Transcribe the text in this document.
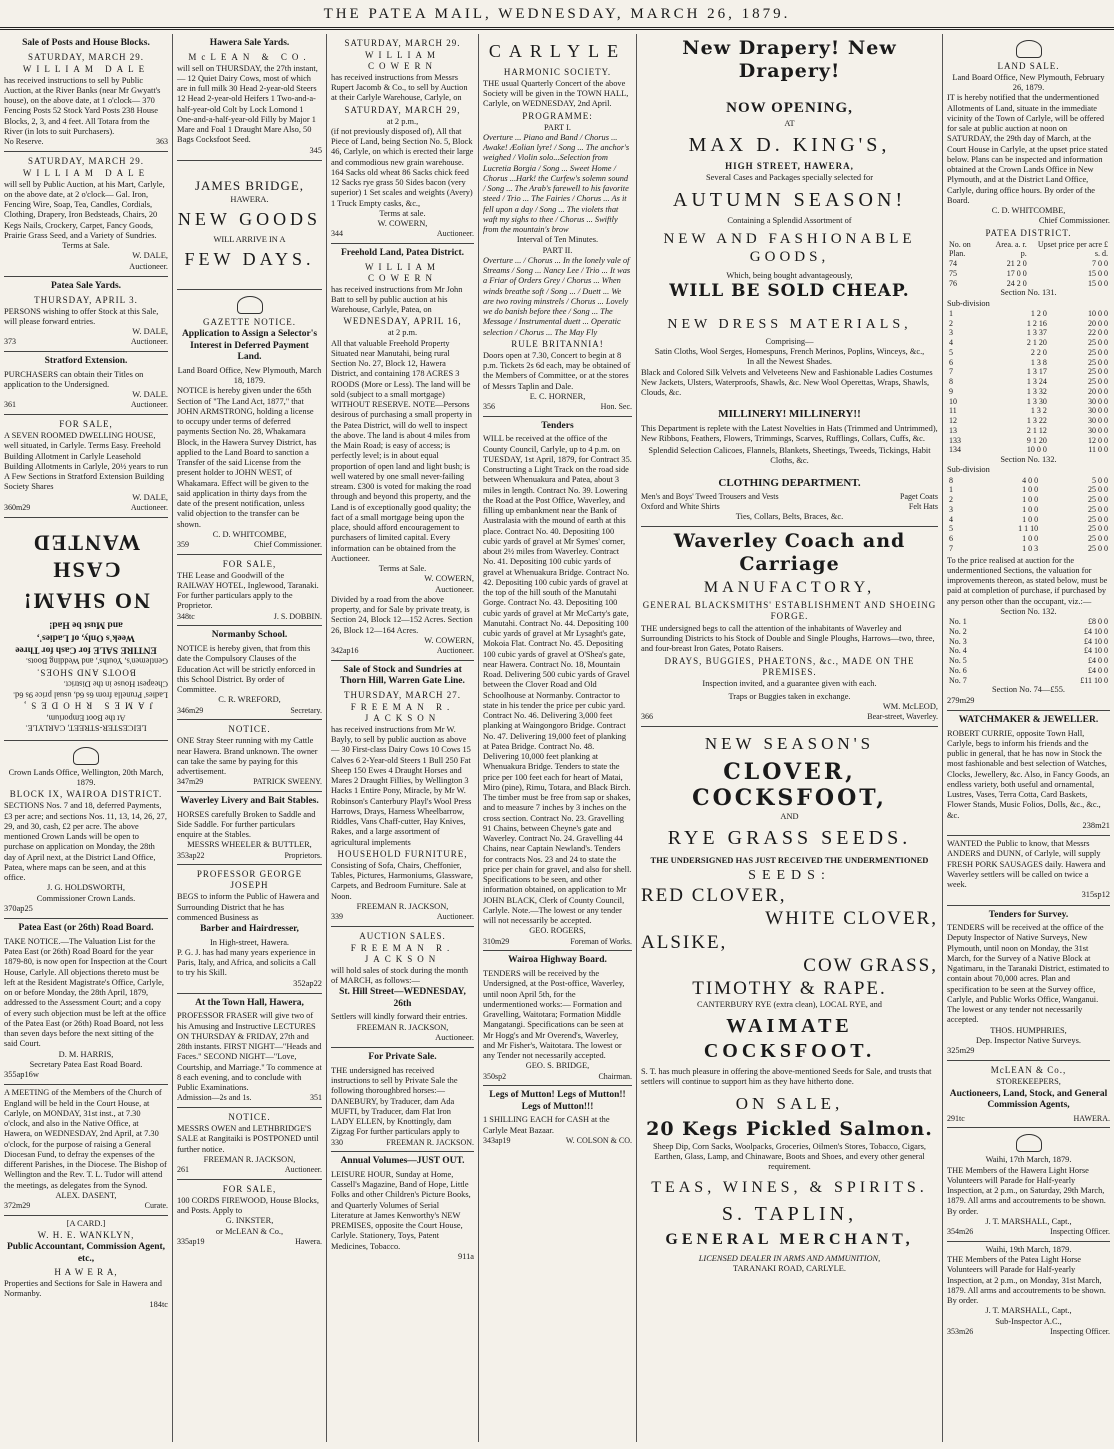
THE PATEA MAIL, WEDNESDAY, MARCH 26, 1879.
Sale of Posts and House Blocks.
SATURDAY, MARCH 29.
WILLIAM DALE
has received instructions to sell by Public Auction, at the River Banks (near Mr Gwyatt's house), on the above date, at 1 o'clock— 370 Fencing Posts 52 Stock Yard Posts 238 House Blocks, 2, 3, and 4 feet. All Totara from the River (in lots to suit Purchasers).
No Reserve.	363
SATURDAY, MARCH 29.
WILLIAM DALE
will sell by Public Auction, at his Mart, Carlyle, on the above date, at 2 o'clock— Gal. Iron, Fencing Wire, Soap, Tea, Candles, Cordials, Clothing, Drapery, Iron Bedsteads, Chairs, 20 Kegs Nails, Crockery, Carpet, Fancy Goods, Prairie Grass Seed, and a Variety of Sundries.
Terms at Sale.
W. DALE,
Auctioneer.
Patea Sale Yards.
THURSDAY, APRIL 3.
PERSONS wishing to offer Stock at this Sale, will please forward entries.
W. DALE,
373	Auctioneer.
Stratford Extension.
PURCHASERS can obtain their Titles on application to the Undersigned.
W. DALE.
361	Auctioneer.
FOR SALE,
A SEVEN ROOMED DWELLING HOUSE, well situated, in Carlyle. Terms Easy. Freehold Building Allotment in Carlyle Leasehold Building Allotments in Carlyle, 20½ years to run A Few Sections in Stratford Extension Building Society Shares
W. DALE,
360m29	Auctioneer.
LEICESTER-STREET, CARLYLE.
At the Boot Emporium,
JAMES RHODES,
Ladies' Prunella from 6s 6d, usual price 9s 6d. Cheapest House in the District.
BOOTS AND SHOES.
Gentlemen's, Youths', and Wedding Boots.
ENTIRE SALE for Cash for Three Week's Only, of Ladies',
and Must be Had!
NO SHAM!
CASH WANTED
Crown Lands Office, Wellington, 20th March, 1879.
BLOCK IX, WAIROA DISTRICT.
SECTIONS Nos. 7 and 18, deferred Payments, £3 per acre; and sections Nos. 11, 13, 14, 26, 27, 29, and 30, cash, £2 per acre. The above mentioned Crown Lands will be open to purchase on application on Monday, the 28th day of April next, at the District Land Office, Patea, where maps can be seen, and at this office.
J. G. HOLDSWORTH,
Commissioner Crown Lands.
370ap25
Patea East (or 26th) Road Board.
TAKE NOTICE.—The Valuation List for the Patea East (or 26th) Road Board for the year 1879-80, is now open for Inspection at the Court House, Carlyle. All objections thereto must be left at the Resident Magistrate's Office, Carlyle, on or before Monday, the 28th April, 1879, addressed to the Assessment Court; and a copy of every such objection must be left at the office of the Patea East (or 26th) Road Board, not less than seven days before the next sitting of the said Court.
D. M. HARRIS,
Secretary Patea East Road Board.
355ap16w
A MEETING of the Members of the Church of England will be held in the Court House, at Carlyle, on MONDAY, 31st inst., at 7.30 o'clock, and also in the Native Office, at Hawera, on WEDNESDAY, 2nd April, at 7.30 o'clock, for the purpose of raising a General Diocesan Fund, to defray the expenses of the different Parishes, in the Diocese. The Bishop of Wellington and the Rev. T. L. Tudor will attend the meetings, as delegates from the Synod.
ALEX. DASENT,
372m29	Curate.
[A CARD.]
W. H. E. WANKLYN,
Public Accountant, Commission Agent, etc.,
H A W E R A,
Properties and Sections for Sale in Hawera and Normanby.
184tc
Hawera Sale Yards.
McLEAN & CO.
will sell on THURSDAY, the 27th instant,— 12 Quiet Dairy Cows, most of which are in full milk 30 Head 2-year-old Steers 12 Head 2-year-old Heifers 1 Two-and-a-half-year-old Colt by Lock Lomond 1 One-and-a-half-year-old Filly by Major 1 Mare and Foal 1 Draught Mare Also, 50 Bags Cocksfoot Seed.
345
JAMES BRIDGE,
HAWERA.
NEW GOODS
WILL ARRIVE IN A
FEW DAYS.
GAZETTE NOTICE.
Application to Assign a Selector's Interest in Deferred Payment Land.
Land Board Office, New Plymouth, March 18, 1879.
NOTICE is hereby given under the 65th Section of "The Land Act, 1877," that JOHN ARMSTRONG, holding a license to occupy under terms of deferred payments Section No. 28, Whakamara Block, in the Hawera Survey District, has applied to the Land Board to sanction a Transfer of the said License from the present holder to JOHN WEST, of Whakamara. Effect will be given to the said application in thirty days from the date of the present notification, unless valid objection to the transfer can be shown.
C. D. WHITCOMBE,
359	Chief Commissioner.
FOR SALE,
THE Lease and Goodwill of the RAILWAY HOTEL, Inglewood, Taranaki. For further particulars apply to the Proprietor.
348tc	J. S. DOBBIN.
Normanby School.
NOTICE is hereby given, that from this date the Compulsory Clauses of the Education Act will be strictly enforced in this School District. By order of Committee.
C. R. WREFORD,
346m29	Secretary.
NOTICE.
ONE Stray Steer running with my Cattle near Hawera. Brand unknown. The owner can take the same by paying for this advertisement.
347m29	PATRICK SWEENY.
Waverley Livery and Bait Stables.
HORSES carefully Broken to Saddle and Side Saddle. For further particulars enquire at the Stables.
MESSRS WHEELER & BUTTLER,
353ap22	Proprietors.
PROFESSOR GEORGE JOSEPH
BEGS to inform the Public of Hawera and Surrounding District that he has commenced Business as
Barber and Hairdresser,
In High-street, Hawera.
P. G. J. has had many years experience in Paris, Italy, and Africa, and solicits a Call to try his Skill.
352ap22
At the Town Hall, Hawera,
PROFESSOR FRASER will give two of his Amusing and Instructive LECTURES ON THURSDAY & FRIDAY, 27th and 28th instants. FIRST NIGHT—"Heads and Faces." SECOND NIGHT—"Love, Courtship, and Marriage." To commence at 8 each evening, and to conclude with Public Examinations.
Admission—2s and 1s.	351
NOTICE.
MESSRS OWEN and LETHBRIDGE'S SALE at Rangitaiki is POSTPONED until further notice.
FREEMAN R. JACKSON,
261	Auctioneer.
FOR SALE,
100 CORDS FIREWOOD, House Blocks, and Posts. Apply to
G. INKSTER,
or McLEAN & Co.,
335ap19	Hawera.
SATURDAY, MARCH 29.
WILLIAM COWERN
has received instructions from Messrs Rupert Jacomb & Co., to sell by Auction at their Carlyle Warehouse, Carlyle, on
SATURDAY, MARCH 29,
at 2 p.m.,
(if not previously disposed of), All that Piece of Land, being Section No. 5, Block 46, Carlyle, on which is erected their large and commodious new grain warehouse. 164 Sacks old wheat 86 Sacks chick feed 12 Sacks rye grass 50 Sides bacon (very superior) 1 Set scales and weights (Avery) 1 Truck Empty casks, &c.,
Terms at sale.
W. COWERN,
344	Auctioneer.
Freehold Land, Patea District.
WILLIAM COWERN
has received instructions from Mr John Batt to sell by public auction at his Warehouse, Carlyle, Patea, on
WEDNESDAY, APRIL 16,
at 2 p.m.
All that valuable Freehold Property Situated near Manutahi, being rural Section No. 27, Block 12, Hawera District, and containing 178 ACRES 3 ROODS (More or Less). The land will be sold (subject to a small mortgage) WITHOUT RESERVE. NOTE—Persons desirous of purchasing a small property in the Patea District, will do well to inspect the above. The land is about 4 miles from the Main Road; is easy of access; is perfectly level; is in about equal proportion of open land and light bush; is well watered by one small never-failing stream. £300 is voted for making the road through and beyond this property, and the Land is of exceptionally good quality; the fact of a small mortgage being upon the place, should afford encouragement to purchasers of limited capital. Every information can be obtained from the Auctioneer.
Terms at Sale.
W. COWERN,
Auctioneer.
Divided by a road from the above property, and for Sale by private treaty, is Section 24, Block 12—152 Acres. Section 26, Block 12—164 Acres.
W. COWERN,
342ap16	Auctioneer.
Sale of Stock and Sundries at Thorn Hill, Warren Gate Line.
THURSDAY, MARCH 27.
FREEMAN R. JACKSON
has received instructions from Mr W. Bayly, to sell by public auction as above— 30 First-class Dairy Cows 10 Cows 15 Calves 6 2-Year-old Steers 1 Bull 250 Fat Sheep 150 Ewes 4 Draught Horses and Mares 2 Draught Fillies, by Wellington 3 Hacks 1 Entire Pony, Miracle, by Mr W. Robinson's Canterbury Playl's Wool Press Harrows, Drays, Harness Wheelbarrow, Riddles, Vans Chaff-cutter, Hay Knives, Rakes, and a large assortment of agricultural implements
HOUSEHOLD FURNITURE,
Consisting of Sofa, Chairs, Cheffonier, Tables, Pictures, Harmoniums, Glassware, Carpets, and Bedroom Furniture. Sale at Noon.
FREEMAN R. JACKSON,
339	Auctioneer.
AUCTION SALES.
FREEMAN R. JACKSON
will hold sales of stock during the month of MARCH, as follows:—
St. Hill Street—WEDNESDAY, 26th
Settlers will kindly forward their entries.
FREEMAN R. JACKSON,
Auctioneer.
For Private Sale.
THE undersigned has received instructions to sell by Private Sale the following thoroughbred horses:— DANEBURY, by Traducer, dam Ada MUFTI, by Traducer, dam Flat Iron LADY ELLEN, by Knottingly, dam Zigzag For further particulars apply to
330	FREEMAN R. JACKSON.
Annual Volumes—JUST OUT.
LEISURE HOUR, Sunday at Home, Cassell's Magazine, Band of Hope, Little Folks and other Children's Picture Books, and Quarterly Volumes of Serial Literature at James Kenworthy's NEW PREMISES, opposite the Court House, Carlyle. Stationery, Toys, Patent Medicines, Tobacco.
911a
CARLYLE
HARMONIC SOCIETY.
THE usual Quarterly Concert of the above Society will be given in the TOWN HALL, Carlyle, on WEDNESDAY, 2nd April.
PROGRAMME:
PART I.
Overture ... Piano and Band / Chorus ... Awake! Æolian lyre! / Song ... The anchor's weighed / Violin solo...Selection from Lucretia Borgia / Song ... Sweet Home / Chorus ...Hark! the Curfew's solemn sound / Song ... The Arab's farewell to his favorite steed / Trio ... The Fairies / Chorus ... As it fell upon a day / Song ... The violets that waft my sighs to thee / Chorus ... Swiftly from the mountain's brow
Interval of Ten Minutes.
PART II.
Overture ... / Chorus ... In the lonely vale of Streams / Song ... Nancy Lee / Trio ... It was a Friar of Orders Grey / Chorus ... When winds breathe soft / Song ... / Duett ... We are two roving minstrels / Chorus ... Lovely we do banish before thee / Song ... The Message / Instrumental duett ... Operatic selection / Chorus ... The May Fly
RULE BRITANNIA!
Doors open at 7.30, Concert to begin at 8 p.m. Tickets 2s 6d each, may be obtained of the Members of Committee, or at the stores of Messrs Taplin and Dale.
E. C. HORNER,
356	Hon. Sec.
Tenders
WILL be received at the office of the County Council, Carlyle, up to 4 p.m. on TUESDAY, 1st April, 1879, for Contract 35. Constructing a Light Track on the road side between Whenuakura and Patea, about 3 miles in length. Contract No. 39. Lowering the Road at the Post Office, Waverley, and filling up embankment near the Bank of Australasia with the mound of earth at this place. Contract No. 40. Depositing 100 cubic yards of gravel at Mr Symes' corner, about 2½ miles from Waverley. Contract No. 41. Depositing 100 cubic yards of gravel at Whenuakura Bridge. Contract No. 42. Depositing 100 cubic yards of gravel at the top of the hill south of the Manutahi Gorge. Contract No. 43. Depositing 100 cubic yards of gravel at Mr McCarty's gate, Manutahi. Contract No. 44. Depositing 100 cubic yards of gravel at Mr Lysaght's gate, Mokoia Flat. Contract No. 45. Depositing 100 cubic yards of gravel at O'Shea's gate, near Hawera. Contract No. 18, Mountain Road. Delivering 500 cubic yards of Gravel between the Clover Road and Old Schoolhouse at Normanby. Contractor to state in his tender the price per cubic yard. Contract No. 46. Delivering 3,000 feet planking at Waingongoro Bridge. Contract No. 47. Delivering 19,000 feet of planking at Patea Bridge. Contract No. 48. Delivering 10,000 feet planking at Whenuakura Bridge. Tenders to state the price per 100 feet each for heart of Matai, Miro (pine), Rimu, Totara, and Black Birch. The timber must be free from sap or shakes, and to measure 7 inches by 3 inches on the cross section. Contract No. 23. Gravelling 91 Chains, between Cheyne's gate and Waverley. Contract No. 24. Gravelling 44 Chains, near Captain Newland's. Tenders for contracts Nos. 23 and 24 to state the price per chain for gravel, and also for shell. Specifications to be seen, and other information obtained, on application to Mr JOHN BLACK, Clerk of County Council, Carlyle. Note.—The lowest or any tender will not necessarily be accepted.
GEO. ROGERS,
310m29	Foreman of Works.
Wairoa Highway Board.
TENDERS will be received by the Undersigned, at the Post-office, Waverley, until noon April 5th, for the undermentioned works:— Formation and Gravelling, Waitotara; Formation Middle Mangatangi. Specifications can be seen at Mr Hogg's and Mr Overend's, Waverley, and Mr Fisher's, Waitotara. The lowest or any Tender not necessarily accepted.
GEO. S. BRIDGE,
350sp2	Chairman.
Legs of Mutton! Legs of Mutton!! Legs of Mutton!!!
1 SHILLING EACH for CASH at the Carlyle Meat Bazaar.
343ap19	W. COLSON & CO.
New Drapery! New Drapery!
NOW OPENING,
AT
MAX D. KING'S,
HIGH STREET, HAWERA,
Several Cases and Packages specially selected for
AUTUMN SEASON!
Containing a Splendid Assortment of
NEW AND FASHIONABLE GOODS,
Which, being bought advantageously,
WILL BE SOLD CHEAP.
NEW DRESS MATERIALS,
Comprising—
Satin Cloths, Wool Serges, Homespuns, French Merinos, Poplins, Winceys, &c.,
In all the Newest Shades.
Black and Colored Silk Velvets and Velveteens New and Fashionable Ladies Costumes New Jackets, Ulsters, Waterproofs, Shawls, &c. New Wool Operettas, Wraps, Shawls, Clouds, &c.
MILLINERY! MILLINERY!!
This Department is replete with the Latest Novelties in Hats (Trimmed and Untrimmed), New Ribbons, Feathers, Flowers, Trimmings, Scarves, Rufflings, Collars, Cuffs, &c.
Splendid Selection Calicoes, Flannels, Blankets, Sheetings, Tweeds, Tickings, Habit Cloths, &c.
CLOTHING DEPARTMENT.
Men's and Boys' Tweed Trousers and Vests	Paget Coats
Oxford and White Shirts	Felt Hats
Ties, Collars, Belts, Braces, &c.
Waverley Coach and Carriage
MANUFACTORY,
GENERAL BLACKSMITHS' ESTABLISHMENT AND SHOEING FORGE.
THE undersigned begs to call the attention of the inhabitants of Waverley and Surrounding Districts to his Stock of Double and Single Ploughs, Harrows—two, three, and four-breast Iron Gates, Potato Raisers.
DRAYS, BUGGIES, PHAETONS, &c., MADE ON THE PREMISES.
Inspection invited, and a guarantee given with each.
Traps or Buggies taken in exchange.
WM. McLEOD,
366	Bear-street, Waverley.
NEW SEASON'S
CLOVER, COCKSFOOT,
AND
RYE GRASS SEEDS.
THE UNDERSIGNED HAS JUST RECEIVED THE UNDERMENTIONED
SEEDS:
RED CLOVER,
WHITE CLOVER,
ALSIKE,
COW GRASS,
TIMOTHY & RAPE.
CANTERBURY RYE (extra clean), LOCAL RYE, and
WAIMATE COCKSFOOT.
S. T. has much pleasure in offering the above-mentioned Seeds for Sale, and trusts that settlers will continue to support him as they have hitherto done.
ON SALE,
20 Kegs Pickled Salmon.
Sheep Dip, Corn Sacks, Woolpacks, Groceries, Oilmen's Stores, Tobacco, Cigars, Earthen, Glass, Lamp, and Chinaware, Boots and Shoes, and every other general requirement.
TEAS, WINES, & SPIRITS.
S. TAPLIN,
GENERAL MERCHANT,
LICENSED DEALER IN ARMS AND AMMUNITION,
TARANAKI ROAD, CARLYLE.
LAND SALE.
Land Board Office, New Plymouth, February 26, 1879.
IT is hereby notified that the undermentioned Allotments of Land, situate in the immediate vicinity of the Town of Carlyle, will be offered for sale at public auction at noon on SATURDAY, the 29th day of March, at the Court House in Carlyle, at the upset price stated below. Plans can be inspected and information obtained at the Crown Lands Office in New Plymouth, and at the District Land Office, Carlyle, during office hours. By order of the Board.
C. D. WHITCOMBE,
Chief Commissioner.
PATEA DISTRICT.
No. on Plan.	Area. a. r. p.	Upset price per acre £ s. d.
74	21 2 0	7 0 0
75	17 0 0	15 0 0
76	24 2 0	15 0 0
Section No. 131.
Sub-division
1	1 2 0	10 0 0
2	1 2 16	20 0 0
3	1 3 37	22 0 0
4	2 1 20	25 0 0
5	2 2 0	25 0 0
6	1 3 8	25 0 0
7	1 3 17	25 0 0
8	1 3 24	25 0 0
9	1 3 32	20 0 0
10	1 3 30	30 0 0
11	1 3 2	30 0 0
12	1 3 22	30 0 0
13	2 1 12	30 0 0
133	9 1 20	12 0 0
134	10 0 0	11 0 0
Section No. 132.
Sub-division
8	4 0 0	5 0 0
1	1 0 0	25 0 0
2	1 0 0	25 0 0
3	1 0 0	25 0 0
4	1 0 0	25 0 0
5	1 1 10	25 0 0
6	1 0 0	25 0 0
7	1 0 3	25 0 0
To the price realised at auction for the undermentioned Sections, the valuation for improvements thereon, as stated below, must be paid at completion of purchase, if purchased by any person other than the occupant, viz.:—
Section No. 132.
No. 1	£8 0 0
No. 2	£4 10 0
No. 3	£4 10 0
No. 4	£4 10 0
No. 5	£4 0 0
No. 6	£4 0 0
No. 7	£11 10 0
Section No. 74—£55.
279m29
WATCHMAKER & JEWELLER.
ROBERT CURRIE, opposite Town Hall, Carlyle, begs to inform his friends and the public in general, that he has now in Stock the most fashionable and best selection of Watches, Clocks, Jewellery, &c. Also, in Fancy Goods, an endless variety, both useful and ornamental, Lustres, Vases, Terra Cotta, Card Baskets, Flower Stands, Music Folios, Dolls, &c., &c., &c.
238m21
WANTED the Public to know, that Messrs ANDERS and DUNN, of Carlyle, will supply FRESH PORK SAUSAGES daily. Hawera and Waverley settlers will be called on twice a week.
315sp12
Tenders for Survey.
TENDERS will be received at the office of the Deputy Inspector of Native Surveys, New Plymouth, until noon on Monday, the 31st March, for the Survey of a Native Block at Ngatimaru, in the Taranaki District, estimated to contain about 70,000 acres. Plan and specification to be seen at the Survey office, Carlyle, and Public Works Office, Wanganui. The lowest or any tender not necessarily accepted.
THOS. HUMPHRIES,
Dep. Inspector Native Surveys.
325m29
McLEAN & Co.,
STOREKEEPERS,
Auctioneers, Land, Stock, and General Commission Agents,
291tc	HAWERA.
Waihi, 17th March, 1879.
THE Members of the Hawera Light Horse Volunteers will Parade for Half-yearly Inspection, at 2 p.m., on Saturday, 29th March, 1879. All arms and accoutrements to be shown. By order.
J. T. MARSHALL, Capt.,
354m26	Inspecting Officer.
Waihi, 19th March, 1879.
THE Members of the Patea Light Horse Volunteers will Parade for Half-yearly Inspection, at 2 p.m., on Monday, 31st March, 1879. All arms and accoutrements to be shown. By order.
J. T. MARSHALL, Capt.,
Sub-Inspector A.C.,
353m26	Inspecting Officer.
